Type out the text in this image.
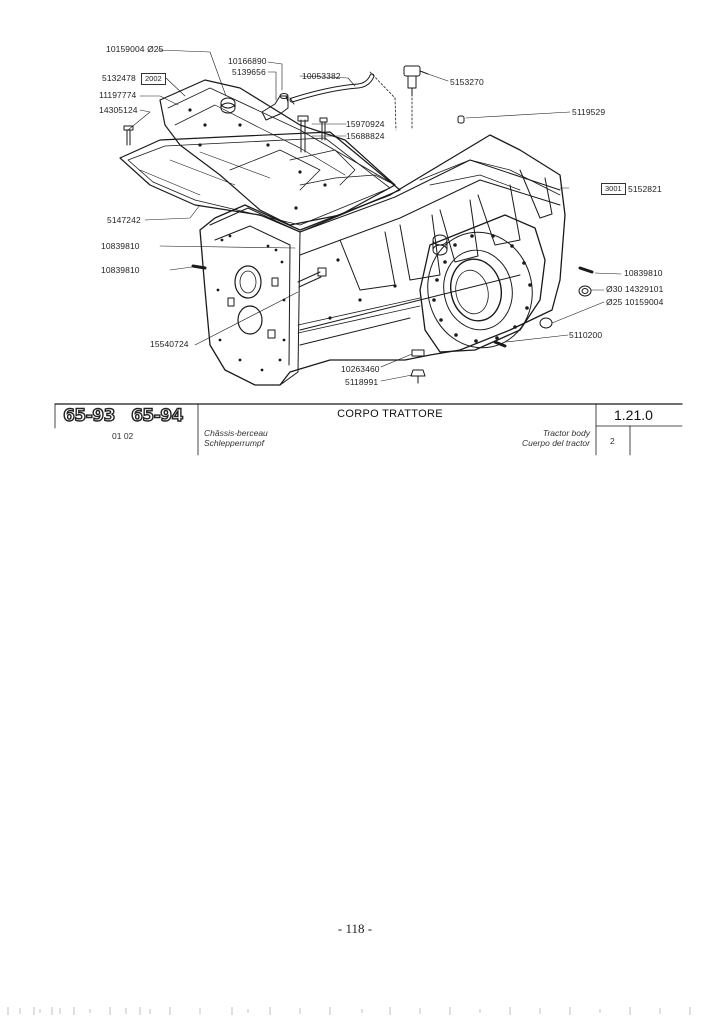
10159004 Ø25
5132478	2002
11197774
14305124
10166890
5139656	10053382
5153270
5119529
15970924
15688824
3001 5152821
5147242
10839810
10839810	10839810
Ø30 14329101
Ø25 10159004
5110200
15540724
10263460
5118991
65-93 65-94
01 02
CORPO TRATTORE
Châssis-berceau
Schlepperrumpf
Tractor body
Cuerpo del tractor
1.21.0
2
- 118 -
